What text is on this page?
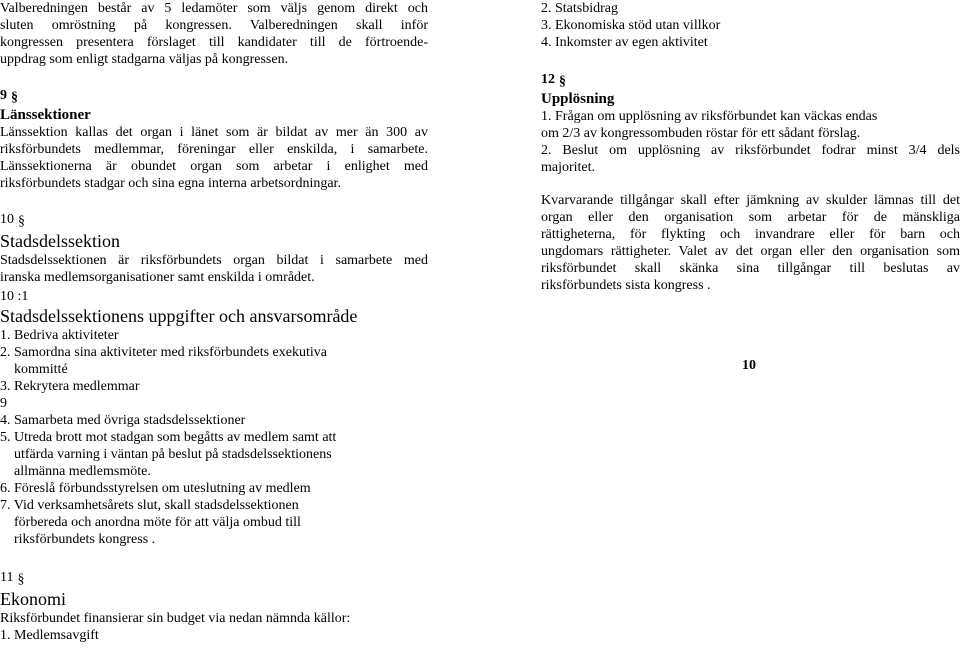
Valberedningen består av 5 ledamöter som väljs genom direkt och

sluten omröstning på kongressen. Valberedningen skall inför

kongressen presentera förslaget till kandidater till de förtroende-

uppdrag som enligt stadgarna väljas på kongressen.

9 §

Länssektioner

Länssektion kallas det organ i länet som är bildat av mer än 300 av

riksförbundets medlemmar, föreningar eller enskilda, i samarbete.

Länssektionerna är obundet organ som arbetar i enlighet med

riksförbundets stadgar och sina egna interna arbetsordningar.

10 §

Stadsdelssektion

Stadsdelssektionen är riksförbundets organ bildat i samarbete med

iranska medlemsorganisationer samt enskilda i området.

10 :1

Stadsdelssektionens uppgifter och ansvarsområde

1. Bedriva aktiviteter

2. Samordna sina aktiviteter med riksförbundets exekutiva

kommitté

3. Rekrytera medlemmar

9

4. Samarbeta med övriga stadsdelssektioner

5. Utreda brott mot stadgan som begåtts av medlem samt att

utfärda varning i väntan på beslut på stadsdelssektionens

allmänna medlemsmöte.

6. Föreslå förbundsstyrelsen om uteslutning av medlem

7. Vid verksamhetsårets slut, skall stadsdelssektionen

förbereda och anordna möte för att välja ombud till

riksförbundets kongress .

11 §

Ekonomi

Riksförbundet finansierar sin budget via nedan nämnda källor:

1. Medlemsavgift

2. Statsbidrag

3. Ekonomiska stöd utan villkor

4. Inkomster av egen aktivitet

12 §

Upplösning

1. Frågan om upplösning av riksförbundet kan väckas endas

om 2/3 av kongressombuden röstar för ett sådant förslag.

2. Beslut om upplösning av riksförbundet fodrar minst 3/4 dels

majoritet.

Kvarvarande tillgångar skall efter jämkning av skulder lämnas till det

organ eller den organisation som arbetar för de mänskliga

rättigheterna, för flykting och invandrare eller för barn och

ungdomars rättigheter. Valet av det organ eller den organisation som

riksförbundet skall skänka sina tillgångar till beslutas av

riksförbundets sista kongress .

10
